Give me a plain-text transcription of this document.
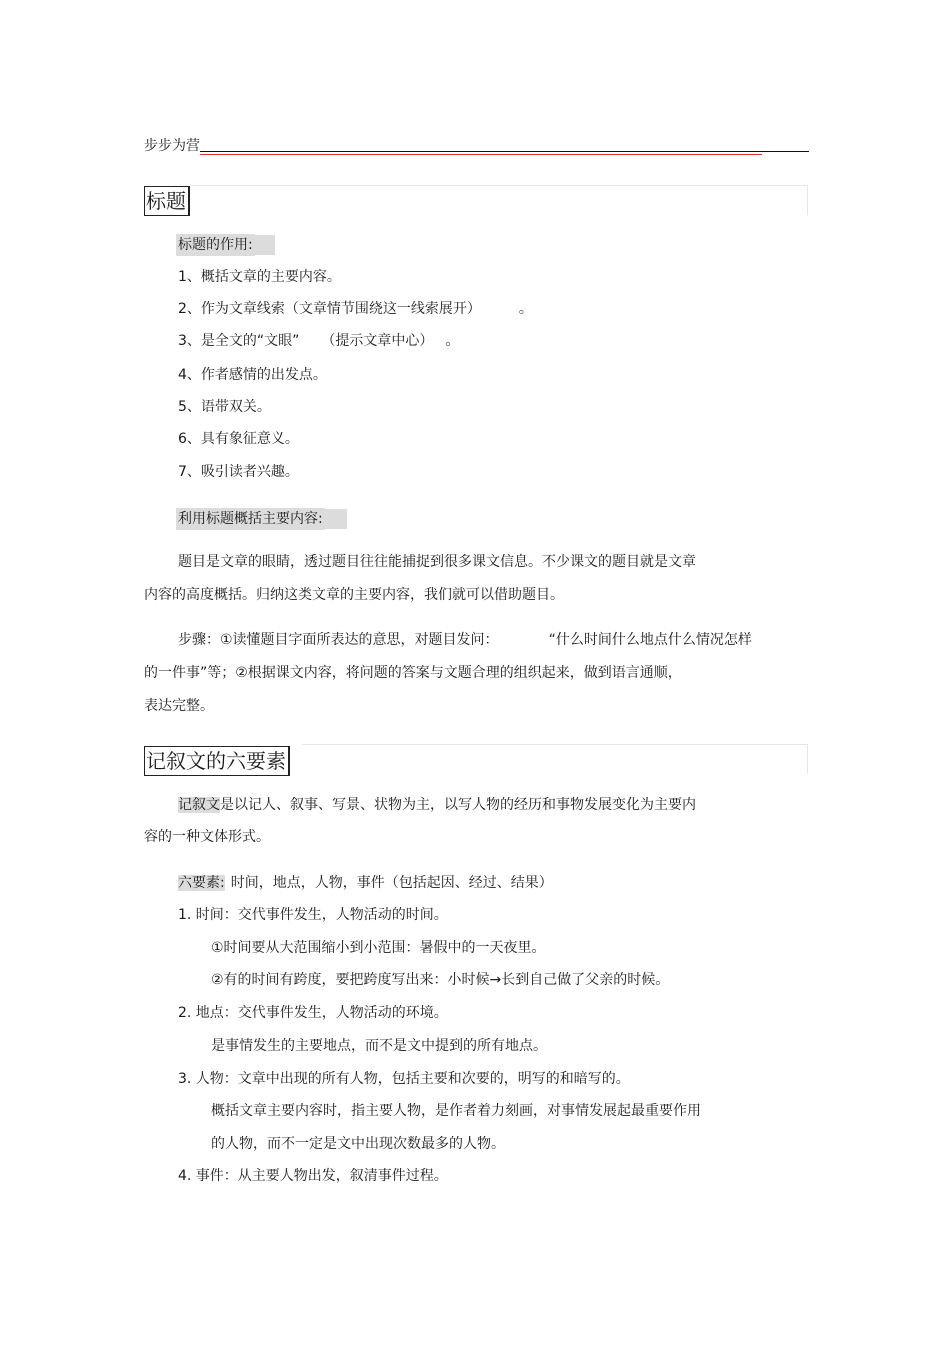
步步为营
标题
标题的作用:
1、概括文章的主要内容。
2、作为文章线索（文章情节围绕这一线索展开）	。
3、是全文的“文眼” （提示文章中心） 。
4、作者感情的出发点。
5、语带双关。
6、具有象征意义。
7、吸引读者兴趣。
利用标题概括主要内容:
题目是文章的眼睛，透过题目往往能捕捉到很多课文信息。不少课文的题目就是文章
内容的高度概括。归纳这类文章的主要内容，我们就可以借助题目。
步骤：①读懂题目字面所表达的意思，对题目发问：	“什么时间什么地点什么情况怎样
的一件事”等；②根据课文内容，将问题的答案与文题合理的组织起来，做到语言通顺，
表达完整。
记叙文的六要素
记叙文是以记人、叙事、写景、状物为主，以写人物的经历和事物发展变化为主要内
容的一种文体形式。
六要素: 时间，地点，人物，事件（包括起因、经过、结果）
1. 时间：交代事件发生，人物活动的时间。
①时间要从大范围缩小到小范围：暑假中的一天夜里。
②有的时间有跨度，要把跨度写出来：小时候→长到自己做了父亲的时候。
2. 地点：交代事件发生，人物活动的环境。
是事情发生的主要地点，而不是文中提到的所有地点。
3. 人物：文章中出现的所有人物，包括主要和次要的，明写的和暗写的。
概括文章主要内容时，指主要人物，是作者着力刻画，对事情发展起最重要作用
的人物，而不一定是文中出现次数最多的人物。
4. 事件：从主要人物出发，叙清事件过程。
